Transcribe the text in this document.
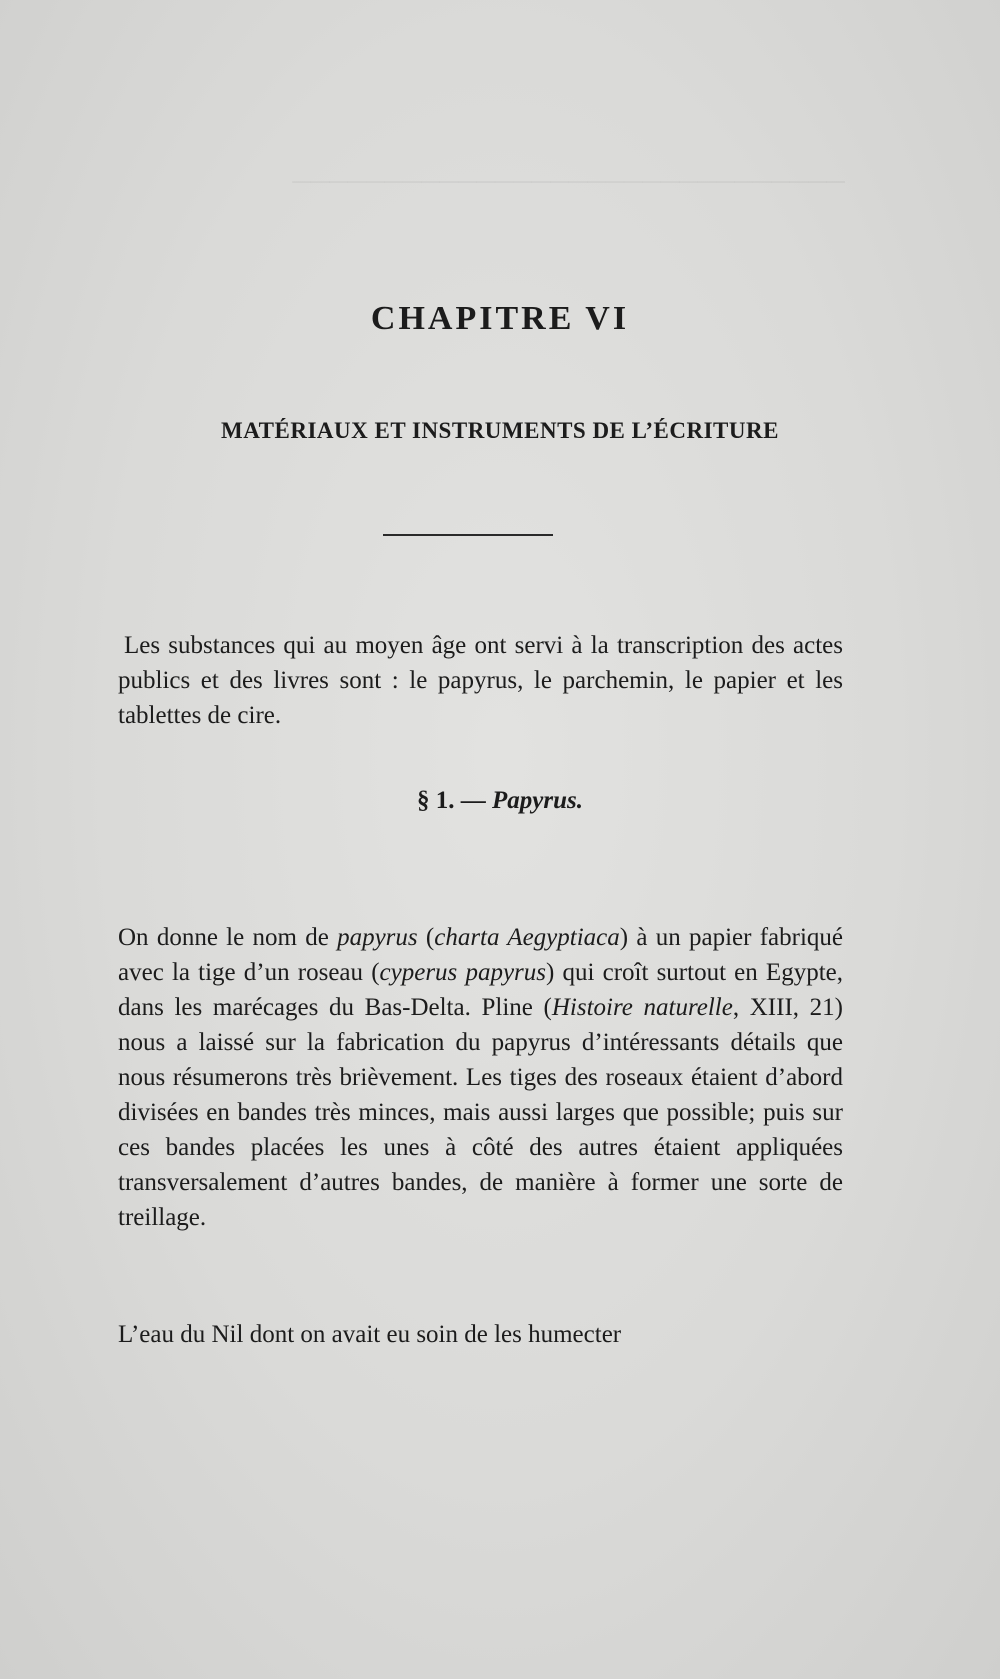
──────────────────────────────
CHAPITRE VI
MATÉRIAUX ET INSTRUMENTS DE L’ÉCRITURE

Les substances qui au moyen âge ont servi à la transcription des actes publics et des livres sont : le papyrus, le parchemin, le papier et les tablettes de cire.

§ 1. — Papyrus.

On donne le nom de papyrus (charta Aegyptiaca) à un papier fabriqué avec la tige d’un roseau (cyperus papyrus) qui croît surtout en Egypte, dans les marécages du Bas-Delta. Pline (Histoire naturelle, XIII, 21) nous a laissé sur la fabrication du papyrus d’intéressants détails que nous résumerons très brièvement. Les tiges des roseaux étaient d’abord divisées en bandes très minces, mais aussi larges que possible; puis sur ces bandes placées les unes à côté des autres étaient appliquées transversalement d’autres bandes, de manière à former une sorte de treillage.

L’eau du Nil dont on avait eu soin de les humecter
